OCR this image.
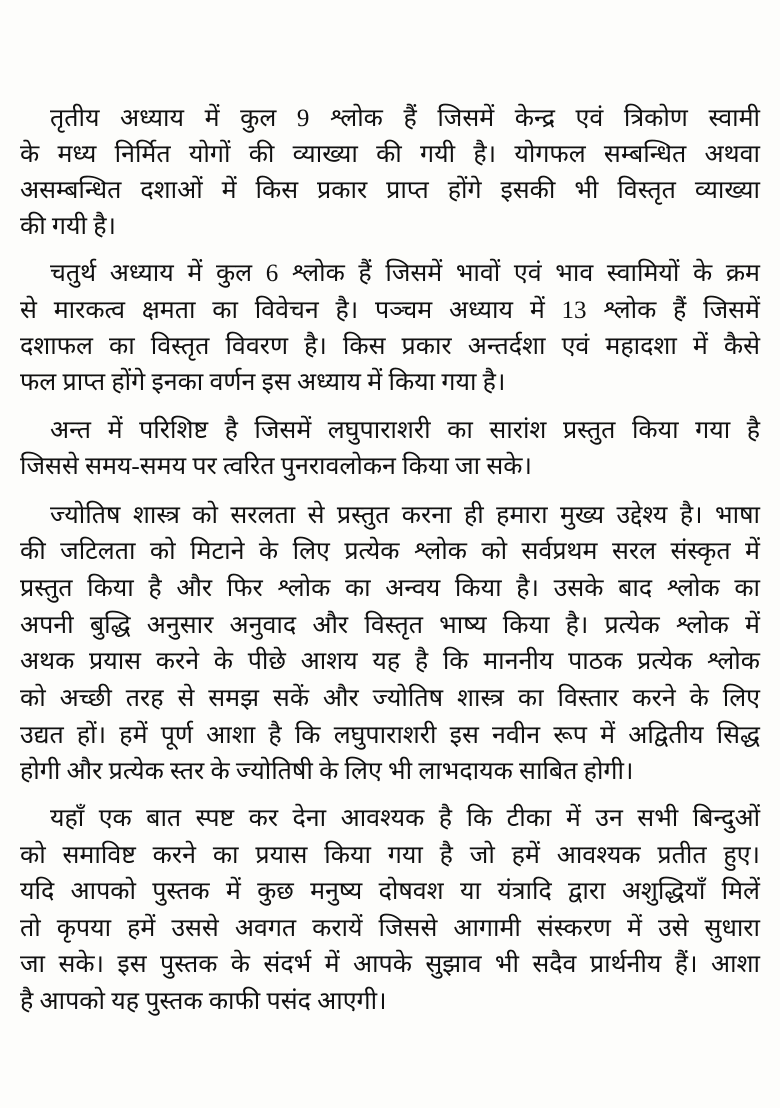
तृतीय अध्याय में कुल 9 श्लोक हैं जिसमें केन्द्र एवं त्रिकोण स्वामी
के मध्य निर्मित योगों की व्याख्या की गयी है। योगफल सम्बन्धित अथवा
असम्बन्धित दशाओं में किस प्रकार प्राप्त होंगे इसकी भी विस्तृत व्याख्या
की गयी है।
चतुर्थ अध्याय में कुल 6 श्लोक हैं जिसमें भावों एवं भाव स्वामियों के क्रम
से मारकत्व क्षमता का विवेचन है। पञ्चम अध्याय में 13 श्लोक हैं जिसमें
दशाफल का विस्तृत विवरण है। किस प्रकार अन्तर्दशा एवं महादशा में कैसे
फल प्राप्त होंगे इनका वर्णन इस अध्याय में किया गया है।
अन्त में परिशिष्ट है जिसमें लघुपाराशरी का सारांश प्रस्तुत किया गया है
जिससे समय-समय पर त्वरित पुनरावलोकन किया जा सके।
ज्योतिष शास्त्र को सरलता से प्रस्तुत करना ही हमारा मुख्य उद्देश्य है। भाषा
की जटिलता को मिटाने के लिए प्रत्येक श्लोक को सर्वप्रथम सरल संस्कृत में
प्रस्तुत किया है और फिर श्लोक का अन्वय किया है। उसके बाद श्लोक का
अपनी बुद्धि अनुसार अनुवाद और विस्तृत भाष्य किया है। प्रत्येक श्लोक में
अथक प्रयास करने के पीछे आशय यह है कि माननीय पाठक प्रत्येक श्लोक
को अच्छी तरह से समझ सकें और ज्योतिष शास्त्र का विस्तार करने के लिए
उद्यत हों। हमें पूर्ण आशा है कि लघुपाराशरी इस नवीन रूप में अद्वितीय सिद्ध
होगी और प्रत्येक स्तर के ज्योतिषी के लिए भी लाभदायक साबित होगी।
यहाँ एक बात स्पष्ट कर देना आवश्यक है कि टीका में उन सभी बिन्दुओं
को समाविष्ट करने का प्रयास किया गया है जो हमें आवश्यक प्रतीत हुए।
यदि आपको पुस्तक में कुछ मनुष्य दोषवश या यंत्रादि द्वारा अशुद्धियाँ मिलें
तो कृपया हमें उससे अवगत करायें जिससे आगामी संस्करण में उसे सुधारा
जा सके। इस पुस्तक के संदर्भ में आपके सुझाव भी सदैव प्रार्थनीय हैं। आशा
है आपको यह पुस्तक काफी पसंद आएगी।
